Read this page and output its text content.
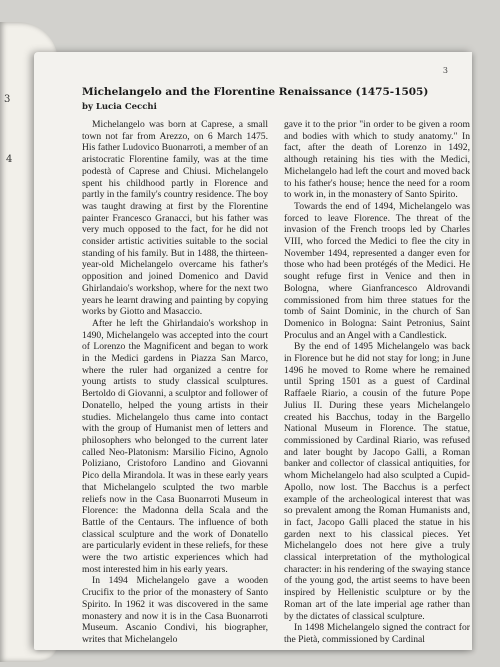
3
4
3
Michelangelo and the Florentine Renaissance (1475-1505)
by Lucia Cecchi

Michelangelo was born at Caprese, a small town not far from Arezzo, on 6 March 1475. His father Ludovico Buonarroti, a member of an aristocratic Florentine family, was at the time podestà of Caprese and Chiusi. Michelangelo spent his childhood partly in Florence and partly in the family's country residence. The boy was taught drawing at first by the Florentine painter Francesco Granacci, but his father was very much opposed to the fact, for he did not consider artistic activities suitable to the social standing of his family. But in 1488, the thirteen-year-old Michelangelo overcame his father's opposition and joined Domenico and David Ghirlandaio's workshop, where for the next two years he learnt drawing and painting by copying works by Giotto and Masaccio.

After he left the Ghirlandaio's workshop in 1490, Michelangelo was accepted into the court of Lorenzo the Magnificent and began to work in the Medici gardens in Piazza San Marco, where the ruler had organized a centre for young artists to study classical sculptures. Bertoldo di Giovanni, a sculptor and follower of Donatello, helped the young artists in their studies. Michelangelo thus came into contact with the group of Humanist men of letters and philosophers who belonged to the current later called Neo-Platonism: Marsilio Ficino, Agnolo Poliziano, Cristoforo Landino and Giovanni Pico della Mirandola. It was in these early years that Michelangelo sculpted the two marble reliefs now in the Casa Buonarroti Museum in Florence: the Madonna della Scala and the Battle of the Centaurs. The influence of both classical sculpture and the work of Donatello are particularly evident in these reliefs, for these were the two artistic experiences which had most interested him in his early years.

In 1494 Michelangelo gave a wooden Crucifix to the prior of the monastery of Santo Spirito. In 1962 it was discovered in the same monastery and now it is in the Casa Buonarroti Museum. Ascanio Condivi, his biographer, writes that Michelangelo

gave it to the prior "in order to be given a room and bodies with which to study anatomy." In fact, after the death of Lorenzo in 1492, although retaining his ties with the Medici, Michelangelo had left the court and moved back to his father's house; hence the need for a room to work in, in the monastery of Santo Spirito.

Towards the end of 1494, Michelangelo was forced to leave Florence. The threat of the invasion of the French troops led by Charles VIII, who forced the Medici to flee the city in November 1494, represented a danger even for those who had been protégés of the Medici. He sought refuge first in Venice and then in Bologna, where Gianfrancesco Aldrovandi commissioned from him three statues for the tomb of Saint Dominic, in the church of San Domenico in Bologna: Saint Petronius, Saint Proculus and an Angel with a Candlestick.

By the end of 1495 Michelangelo was back in Florence but he did not stay for long; in June 1496 he moved to Rome where he remained until Spring 1501 as a guest of Cardinal Raffaele Riario, a cousin of the future Pope Julius II. During these years Michelangelo created his Bacchus, today in the Bargello National Museum in Florence. The statue, commissioned by Cardinal Riario, was refused and later bought by Jacopo Galli, a Roman banker and collector of classical antiquities, for whom Michelangelo had also sculpted a Cupid-Apollo, now lost. The Bacchus is a perfect example of the archeological interest that was so prevalent among the Roman Humanists and, in fact, Jacopo Galli placed the statue in his garden next to his classical pieces. Yet Michelangelo does not here give a truly classical interpretation of the mythological character: in his rendering of the swaying stance of the young god, the artist seems to have been inspired by Hellenistic sculpture or by the Roman art of the late imperial age rather than by the dictates of classical sculpture.

In 1498 Michelangelo signed the contract for the Pietà, commissioned by Cardinal
